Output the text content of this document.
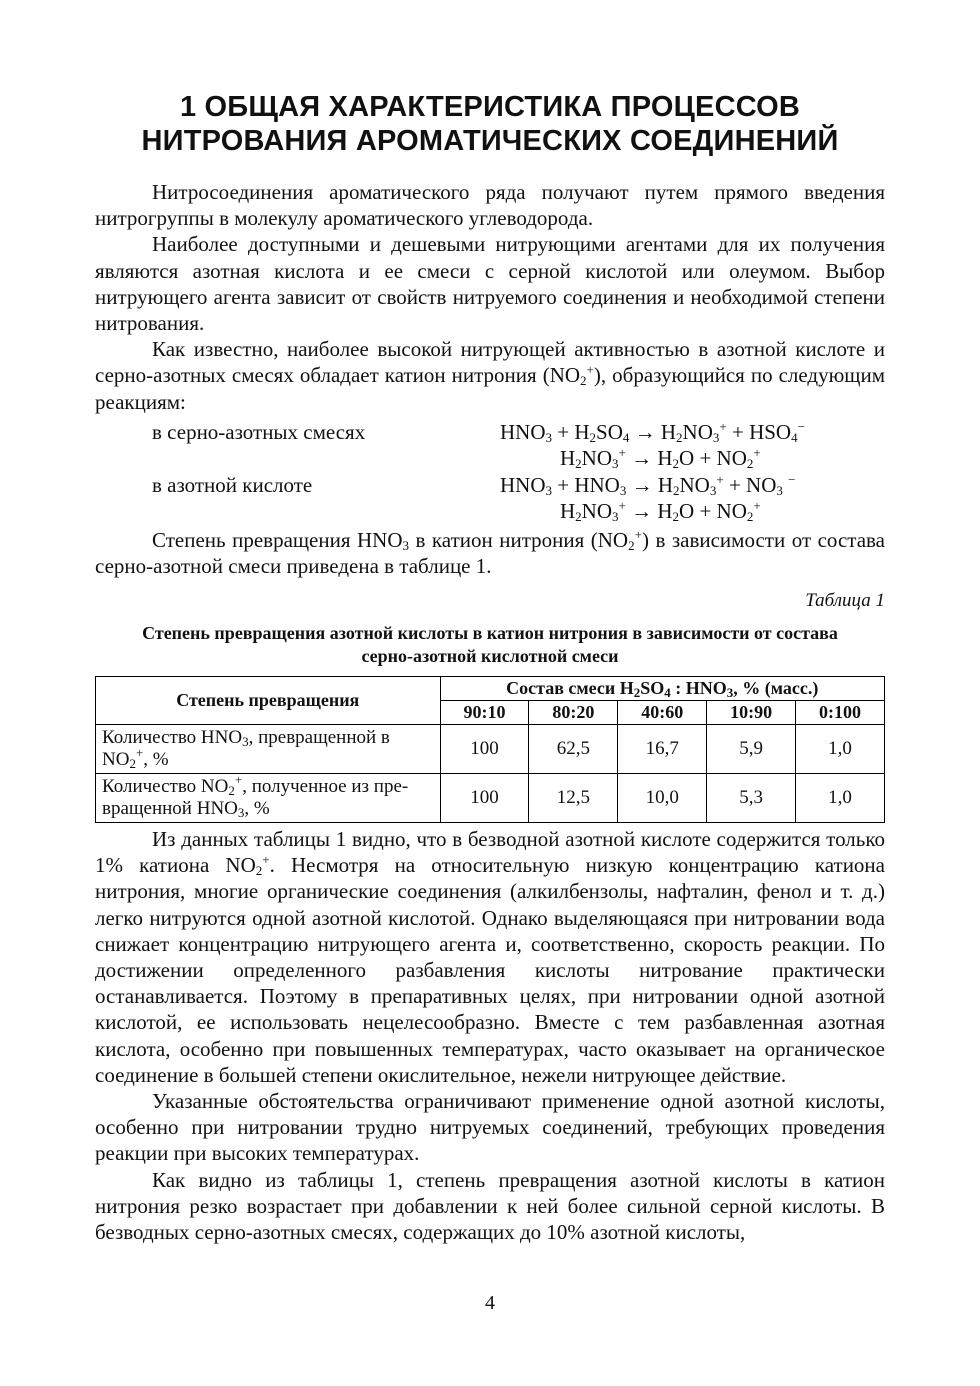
1 ОБЩАЯ ХАРАКТЕРИСТИКА ПРОЦЕССОВ
НИТРОВАНИЯ АРОМАТИЧЕСКИХ СОЕДИНЕНИЙ

Нитросоединения ароматического ряда получают путем прямого введения нитрогруппы в молекулу ароматического углеводорода.

Наиболее доступными и дешевыми нитрующими агентами для их получения являются азотная кислота и ее смеси с серной кислотой или олеумом. Выбор нитрующего агента зависит от свойств нитруемого соединения и необходимой степени нитрования.

Как известно, наиболее высокой нитрующей активностью в азотной кислоте и серно-азотных смесях обладает катион нитрония $(NO_2^+)$, образующийся по следующим реакциям:

в серно-азотных смесях	$HNO_3 + H_2SO_4 \to H_2NO_3^+ + HSO_4^-$
$H_2NO_3^+ \to H_2O + NO_2^+$
в азотной кислоте	$HNO_3 + HNO_3 \to H_2NO_3^+ + NO_3$ −
$H_2NO_3^+ \to H_2O + NO_2^+$

Степень превращения $HNO_3$ в катион нитрония $(NO_2^+)$ в зависимости от состава серно-азотной смеси приведена в таблице 1.

Таблица 1
Степень превращения азотной кислоты в катион нитрония в зависимости от состава
серно-азотной кислотной смеси
Степень превращения	Состав смеси $H_2SO_4$ : $HNO_3$, % (масс.)				
	90:10	80:20	40:60	10:90	0:100
Количество $HNO_3$, превращенной в
$NO_2^+$, %	100	62,5	16,7	5,9	1,0
Количество $NO_2^+$, полученное из пре-
вращенной $HNO_3$, %	100	12,5	10,0	5,3	1,0

Из данных таблицы 1 видно, что в безводной азотной кислоте содержится только 1% катиона $NO_2^+$. Несмотря на относительную низкую концентрацию катиона нитрония, многие органические соединения (алкилбензолы, нафталин, фенол и т. д.) легко нитруются одной азотной кислотой. Однако выделяющаяся при нитровании вода снижает концентрацию нитрующего агента и, соответственно, скорость реакции. По достижении определенного разбавления кислоты нитрование практически останавливается. Поэтому в препаративных целях, при нитровании одной азотной кислотой, ее использовать нецелесообразно. Вместе с тем разбавленная азотная кислота, особенно при повышенных температурах, часто оказывает на органическое соединение в большей степени окислительное, нежели нитрующее действие.

Указанные обстоятельства ограничивают применение одной азотной кислоты, особенно при нитровании трудно нитруемых соединений, требующих проведения реакции при высоких температурах.

Как видно из таблицы 1, степень превращения азотной кислоты в катион нитрония резко возрастает при добавлении к ней более сильной серной кислоты. В безводных серно-азотных смесях, содержащих до 10% азотной кислоты,

4
